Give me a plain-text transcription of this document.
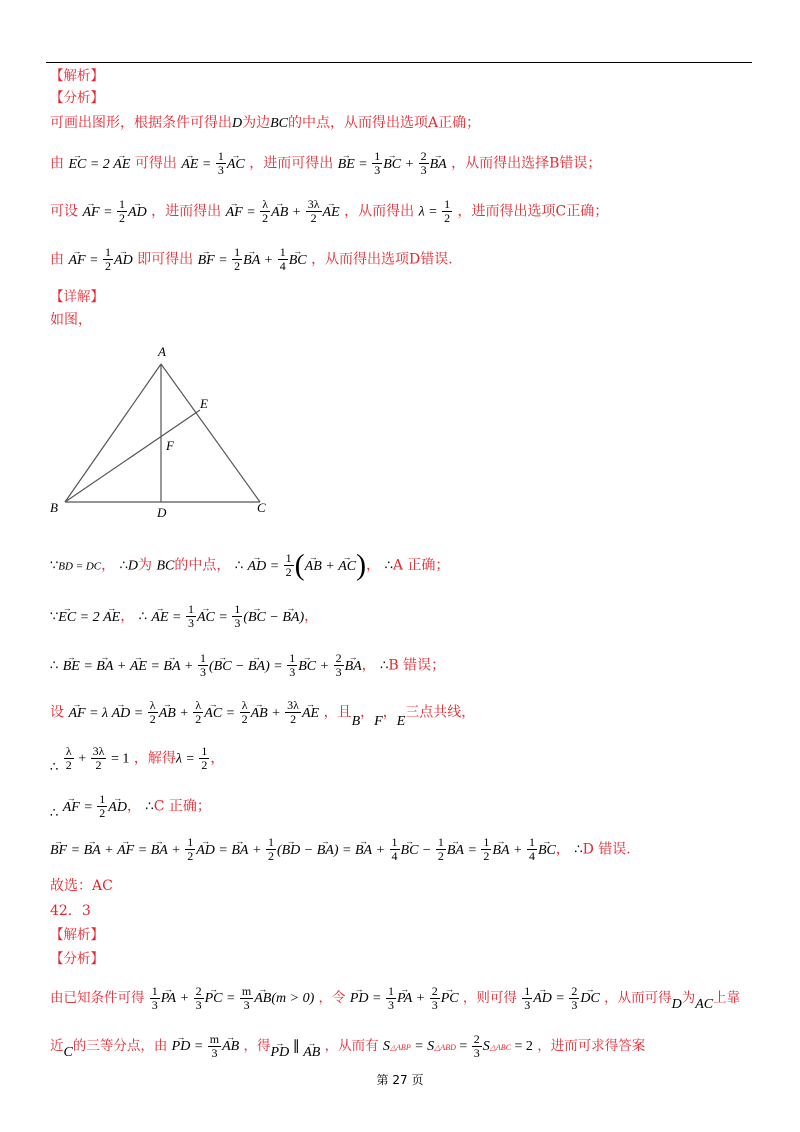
【解析】
【分析】
可画出图形，根据条件可得出D为边BC的中点，从而得出选项A正确；
由 → EC = 2 → AE 可得出 → AE = $\frac{1}{3}$
→ AC ，进而可得出 → BE = $\frac{1}{3}$
→ BC + $\frac{2}{3}$
→ BA ，从而得出选择B错误；
可设 → AF = $\frac{1}{2}$
→ AD ，进而得出 → AF = $\frac{\lambda}{2}$
→ AB + $\frac{3\lambda}{2}$
→ AE ，从而得出 $\lambda = \frac{1}{2}$ ，进而得出选项C正确；
由 → AF = $\frac{1}{2}$
→ AD 即可得出 → BF = $\frac{1}{2}$
→ BA + $\frac{1}{4}$
→ BC ，从而得出选项D错误.
【详解】
如图，
A
B	C
D
E
F
∵BD = DC， ∴D为 BC的中点， ∴ → AD = $\frac{1}{2}$ (→ AB + → AC)， ∴A 正确；
∵→ EC = 2 → AE， ∴ → AE = $\frac{1}{3}$
→ AC = $\frac{1}{3}$ (→ BC − → BA)，
∴ → BE = → BA + → AE = → BA + $\frac{1}{3}$ (→ BC − → $BA) = \frac{1}{3}$
→ BC + $\frac{2}{3}$
→ BA， ∴B 错误；
设 → AF = λ → AD = $\frac{\lambda}{2}$
→ AB + $\frac{\lambda}{2}$
→ AC = $\frac{\lambda}{2}$
→ AB + $\frac{3\lambda}{2}$
→ AE ，且B，F，E三点共线，
∴ $\frac{\lambda}{2} + \frac{3\lambda}{2} = 1$ ，解得$\lambda = \frac{1}{2}$ ，
∴ → AF = $\frac{1}{2}$
→ AD， ∴C 正确；
→ BF = → BA + → AF = → BA + $\frac{1}{2}$
→ AD = → BA + $\frac{1}{2}$ (→ BD − → BA) = → BA + $\frac{1}{4}$
→ BC − $\frac{1}{2}$
→ BA = $\frac{1}{2}$
→ BA + $\frac{1}{4}$
→ BC， ∴D 错误.
故选：AC
42．3
【解析】
【分析】
由已知条件可得 $\frac{1}{3}$
→ PA + $\frac{2}{3}$
→ PC = $\frac{m}{3}$
→ AB(m > 0) ，令 → PD = $\frac{1}{3}$
→ PA + $\frac{2}{3}$
→ PC ，则可得 $\frac{1}{3}$
→ AD = $\frac{2}{3}$
→ DC ，从而可得D为AC上靠
近C的三等分点，由 → PD = $\frac{m}{3}$
→ AB ，得→ PD ∥ → AB ，从而有 S△ABP = S△ABD = $\frac{2}{3}$ S△ABC = 2 ，进而可求得答案
第 27 页
